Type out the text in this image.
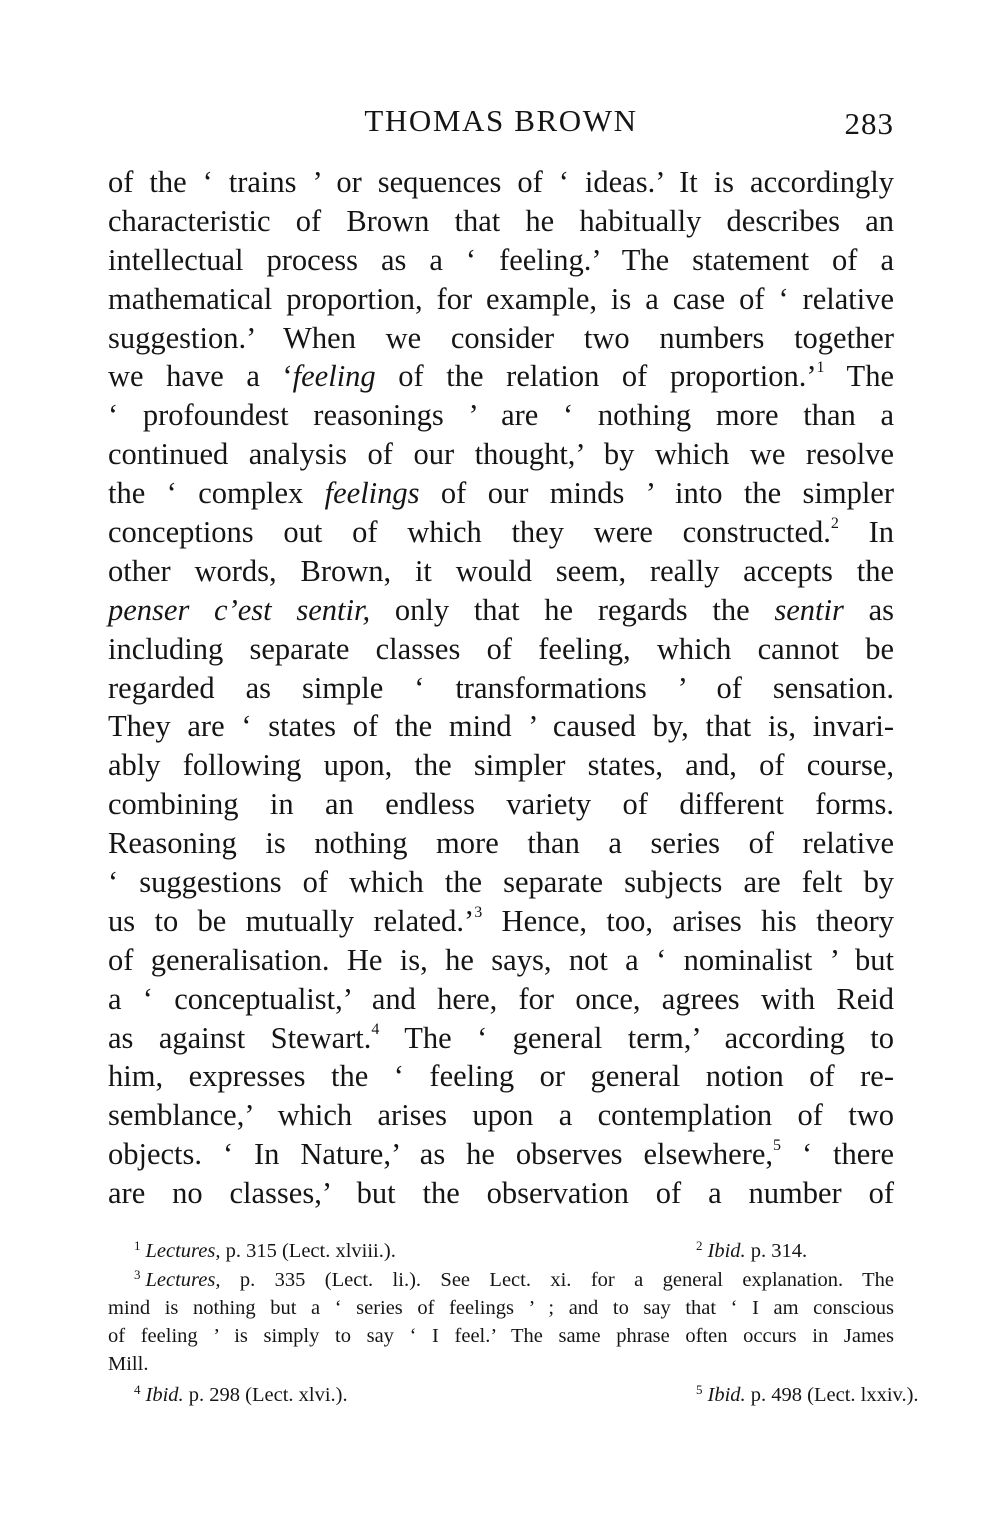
THOMAS BROWN	283
of the ‘ trains ’ or sequences of ‘ ideas.’ It is accordingly
characteristic of Brown that he habitually describes an
intellectual process as a ‘ feeling.’ The statement of a
mathematical proportion, for example, is a case of ‘ relative
suggestion.’ When we consider two numbers together
we have a ‘feeling of the relation of proportion.’$^1$ The
‘ profoundest reasonings ’ are ‘ nothing more than a
continued analysis of our thought,’ by which we resolve
the ‘ complex feelings of our minds ’ into the simpler
conceptions out of which they were constructed.$^2$ In
other words, Brown, it would seem, really accepts the
penser c’est sentir, only that he regards the sentir as
including separate classes of feeling, which cannot be
regarded as simple ‘ transformations ’ of sensation.
They are ‘ states of the mind ’ caused by, that is, invari-
ably following upon, the simpler states, and, of course,
combining in an endless variety of different forms.
Reasoning is nothing more than a series of relative
‘ suggestions of which the separate subjects are felt by
us to be mutually related.’$^3$ Hence, too, arises his theory
of generalisation. He is, he says, not a ‘ nominalist ’ but
a ‘ conceptualist,’ and here, for once, agrees with Reid
as against Stewart.$^4$ The ‘ general term,’ according to
him, expresses the ‘ feeling or general notion of re-
semblance,’ which arises upon a contemplation of two
objects. ‘ In Nature,’ as he observes elsewhere,$^5$ ‘ there
are no classes,’ but the observation of a number of
$^1$ Lectures, p. 315 (Lect. xlviii.).	$^2$ Ibid. p. 314.
$^3$ Lectures, p. 335 (Lect. li.). See Lect. xi. for a general explanation. The
mind is nothing but a ‘ series of feelings ’ ; and to say that ‘ I am conscious
of feeling ’ is simply to say ‘ I feel.’ The same phrase often occurs in James
Mill.
$^4$ Ibid. p. 298 (Lect. xlvi.).	$^5$ Ibid. p. 498 (Lect. lxxiv.).
